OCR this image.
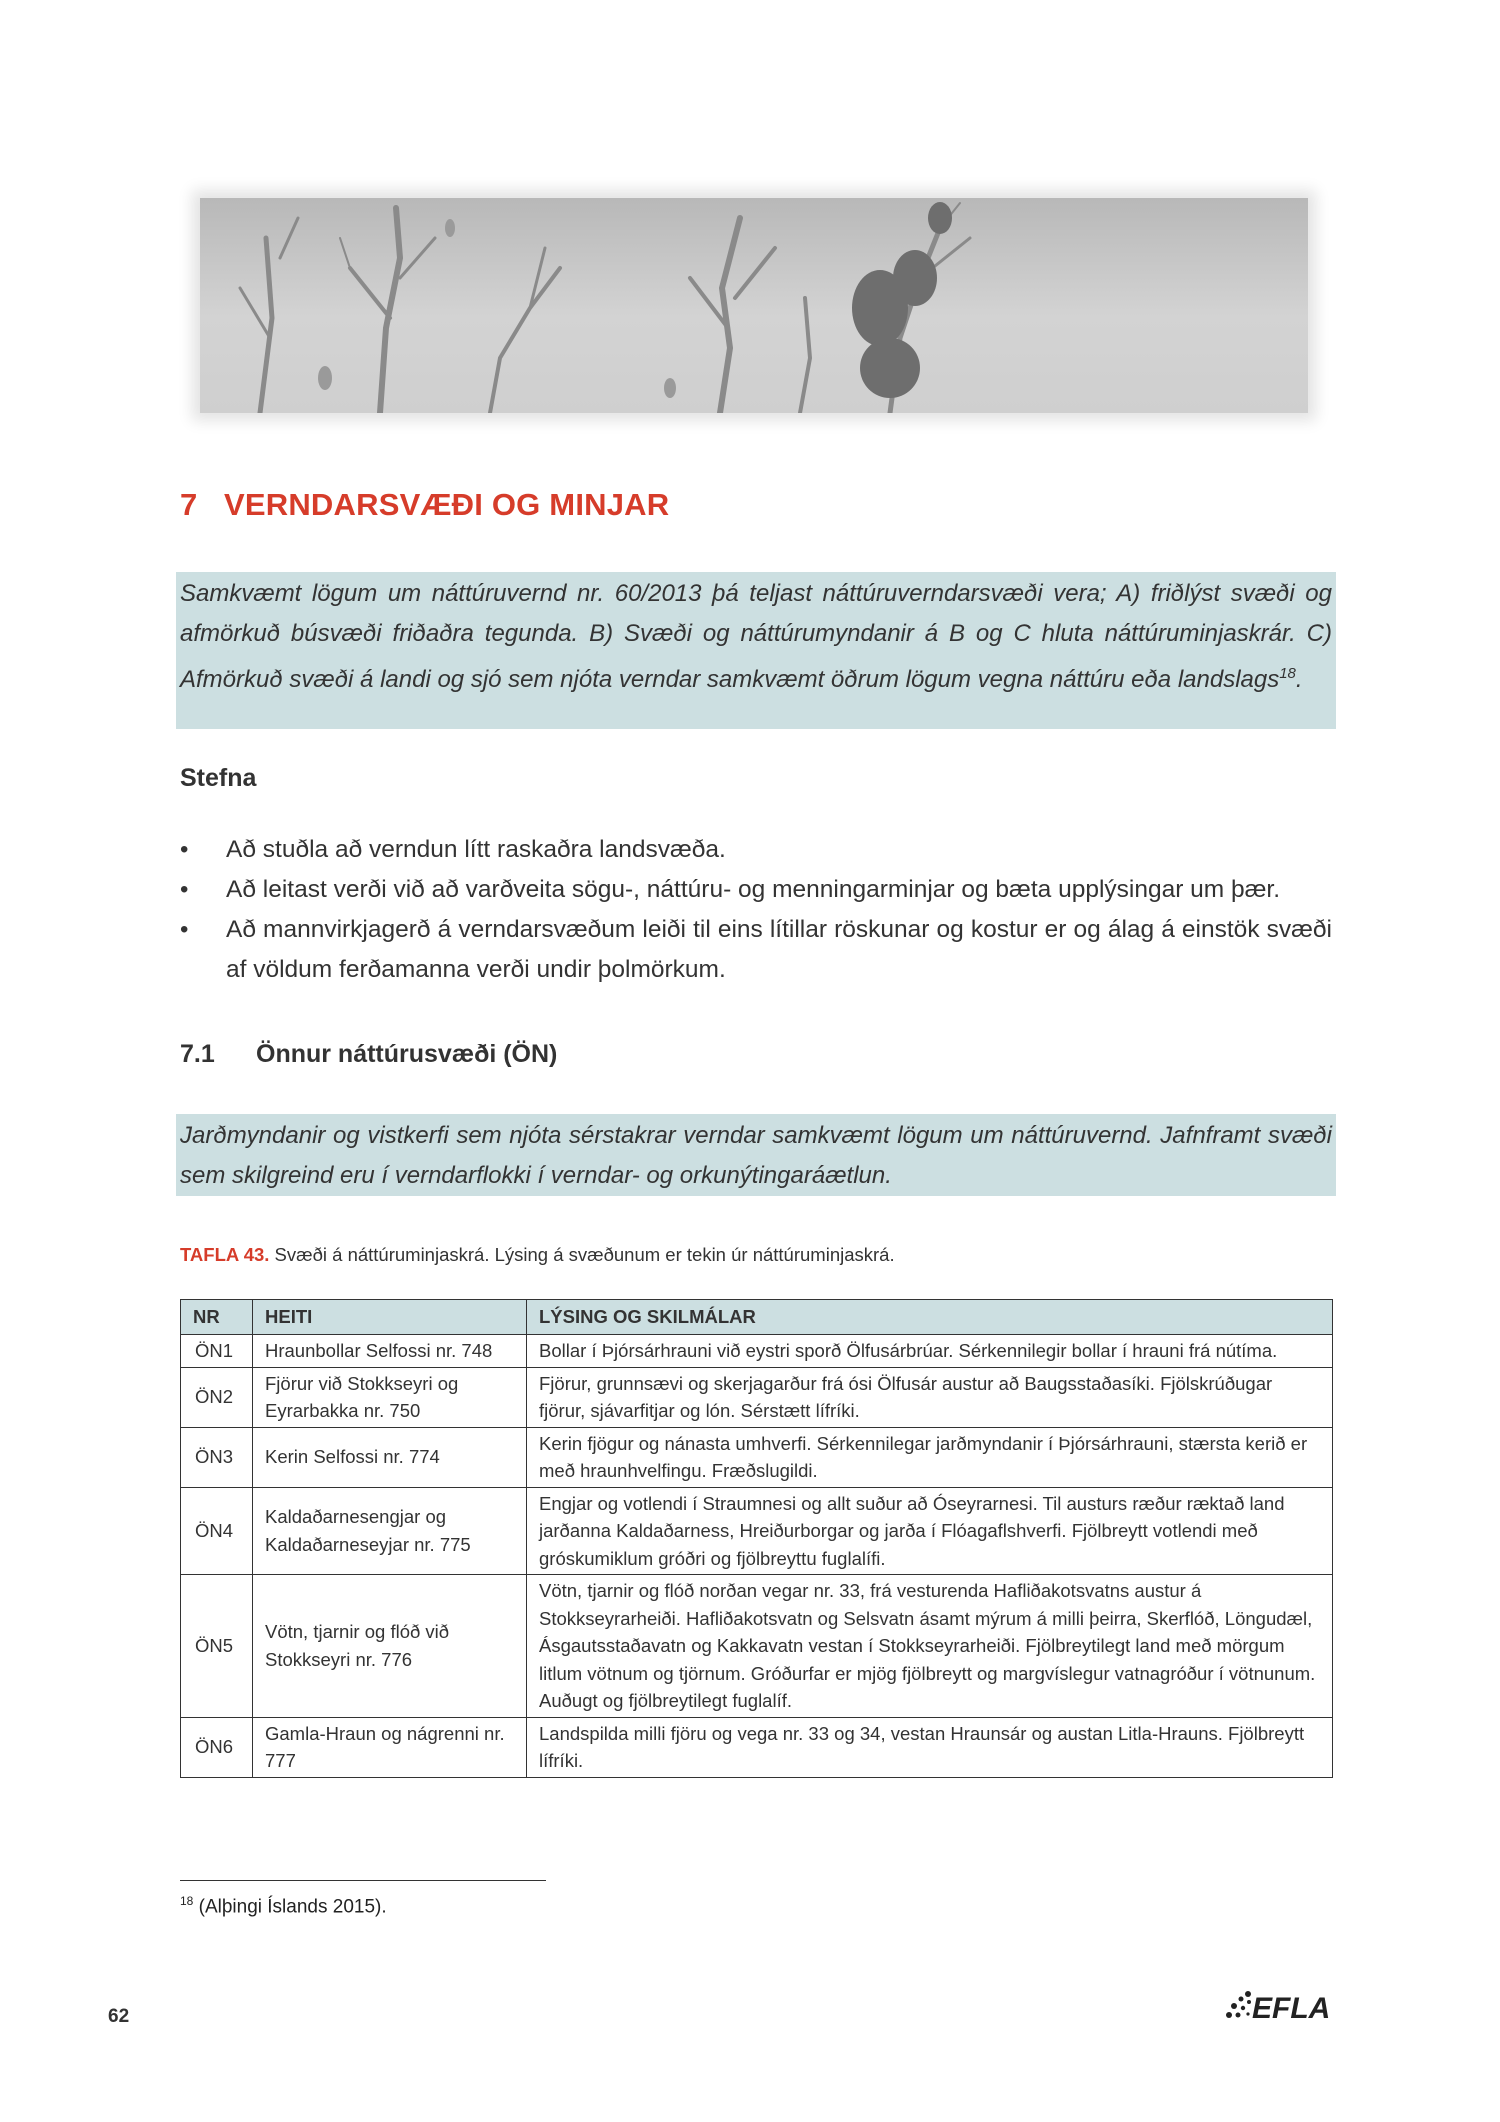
7 VERNDARSVÆÐI OG MINJAR
Samkvæmt lögum um náttúruvernd nr. 60/2013 þá teljast náttúruverndarsvæði vera; A) friðlýst svæði og afmörkuð búsvæði friðaðra tegunda. B) Svæði og náttúrumyndanir á B og C hluta náttúruminjaskrár. C) Afmörkuð svæði á landi og sjó sem njóta verndar samkvæmt öðrum lögum vegna náttúru eða landslags$^{18}$.
Stefna
•	Að stuðla að verndun lítt raskaðra landsvæða.
•	Að leitast verði við að varðveita sögu-, náttúru- og menningarminjar og bæta upplýsingar um þær.
•	Að mannvirkjagerð á verndarsvæðum leiði til eins lítillar röskunar og kostur er og álag á einstök svæði af völdum ferðamanna verði undir þolmörkum.
7.1 Önnur náttúrusvæði (ÖN)
Jarðmyndanir og vistkerfi sem njóta sérstakrar verndar samkvæmt lögum um náttúruvernd. Jafnframt svæði sem skilgreind eru í verndarflokki í verndar- og orkunýtingaráætlun.
TAFLA 43. Svæði á náttúruminjaskrá. Lýsing á svæðunum er tekin úr náttúruminjaskrá.
NR	HEITI	LÝSING OG SKILMÁLAR
ÖN1	Hraunbollar Selfossi nr. 748	Bollar í Þjórsárhrauni við eystri sporð Ölfusárbrúar. Sérkennilegir bollar í hrauni frá nútíma.
ÖN2	Fjörur við Stokkseyri og Eyrarbakka nr. 750	Fjörur, grunnsævi og skerjagarður frá ósi Ölfusár austur að Baugsstaðasíki. Fjölskrúðugar fjörur, sjávarfitjar og lón. Sérstætt lífríki.
ÖN3	Kerin Selfossi nr. 774	Kerin fjögur og nánasta umhverfi. Sérkennilegar jarðmyndanir í Þjórsárhrauni, stærsta kerið er með hraunhvelfingu. Fræðslugildi.
ÖN4	Kaldaðarnesengjar og Kaldaðarneseyjar nr. 775	Engjar og votlendi í Straumnesi og allt suður að Óseyrarnesi. Til austurs ræður ræktað land jarðanna Kaldaðarness, Hreiðurborgar og jarða í Flóagaflshverfi. Fjölbreytt votlendi með gróskumiklum gróðri og fjölbreyttu fuglalífi.
ÖN5	Vötn, tjarnir og flóð við Stokkseyri nr. 776	Vötn, tjarnir og flóð norðan vegar nr. 33, frá vesturenda Hafliðakotsvatns austur á Stokkseyrarheiði. Hafliðakotsvatn og Selsvatn ásamt mýrum á milli þeirra, Skerflóð, Löngudæl, Ásgautsstaðavatn og Kakkavatn vestan í Stokkseyrarheiði. Fjölbreytilegt land með mörgum litlum vötnum og tjörnum. Gróðurfar er mjög fjölbreytt og margvíslegur vatnagróður í vötnunum. Auðugt og fjölbreytilegt fuglalíf.
ÖN6	Gamla-Hraun og nágrenni nr. 777	Landspilda milli fjöru og vega nr. 33 og 34, vestan Hraunsár og austan Litla-Hrauns. Fjölbreytt lífríki.
$^{18}$ (Alþingi Íslands 2015).
62	EFLA
